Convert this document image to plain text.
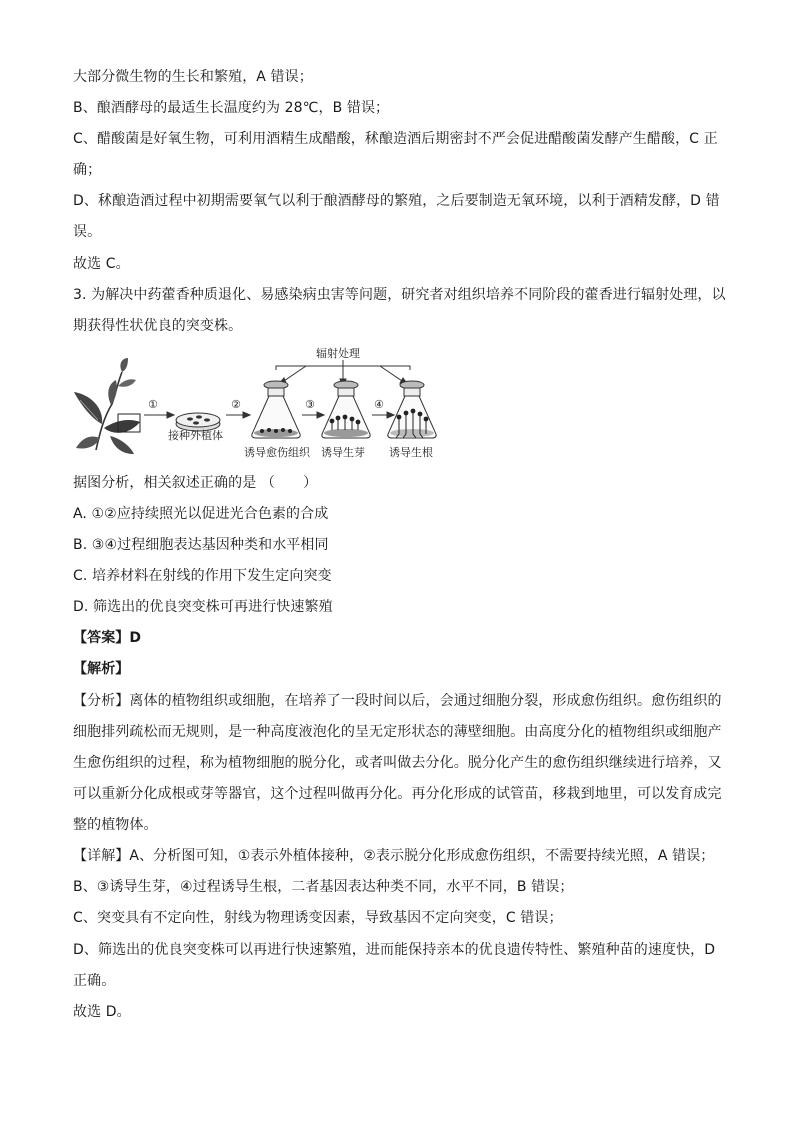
大部分微生物的生长和繁殖，A 错误；
B、酿酒酵母的最适生长温度约为 28℃，B 错误；
C、醋酸菌是好氧生物，可利用酒精生成醋酸，秫酿造酒后期密封不严会促进醋酸菌发酵产生醋酸，C 正
确；
D、秫酿造酒过程中初期需要氧气以利于酿酒酵母的繁殖，之后要制造无氧环境，以利于酒精发酵，D 错
误。
故选 C。
3. 为解决中药藿香种质退化、易感染病虫害等问题，研究者对组织培养不同阶段的藿香进行辐射处理，以
期获得性状优良的突变株。
辐射处理
①	②	③	④
接种外植体
诱导愈伤组织 诱导生芽 诱导生根
据图分析，相关叙述正确的是 （　　）
A. ①②应持续照光以促进光合色素的合成
B. ③④过程细胞表达基因种类和水平相同
C. 培养材料在射线的作用下发生定向突变
D. 筛选出的优良突变株可再进行快速繁殖
【答案】D
【解析】
【分析】离体的植物组织或细胞，在培养了一段时间以后，会通过细胞分裂，形成愈伤组织。愈伤组织的
细胞排列疏松而无规则，是一种高度液泡化的呈无定形状态的薄壁细胞。由高度分化的植物组织或细胞产
生愈伤组织的过程，称为植物细胞的脱分化，或者叫做去分化。脱分化产生的愈伤组织继续进行培养，又
可以重新分化成根或芽等器官，这个过程叫做再分化。再分化形成的试管苗，移栽到地里，可以发育成完
整的植物体。
【详解】A、分析图可知，①表示外植体接种，②表示脱分化形成愈伤组织，不需要持续光照，A 错误；
B、③诱导生芽，④过程诱导生根，二者基因表达种类不同，水平不同，B 错误；
C、突变具有不定向性，射线为物理诱变因素，导致基因不定向突变，C 错误；
D、筛选出的优良突变株可以再进行快速繁殖，进而能保持亲本的优良遗传特性、繁殖种苗的速度快，D
正确。
故选 D。
